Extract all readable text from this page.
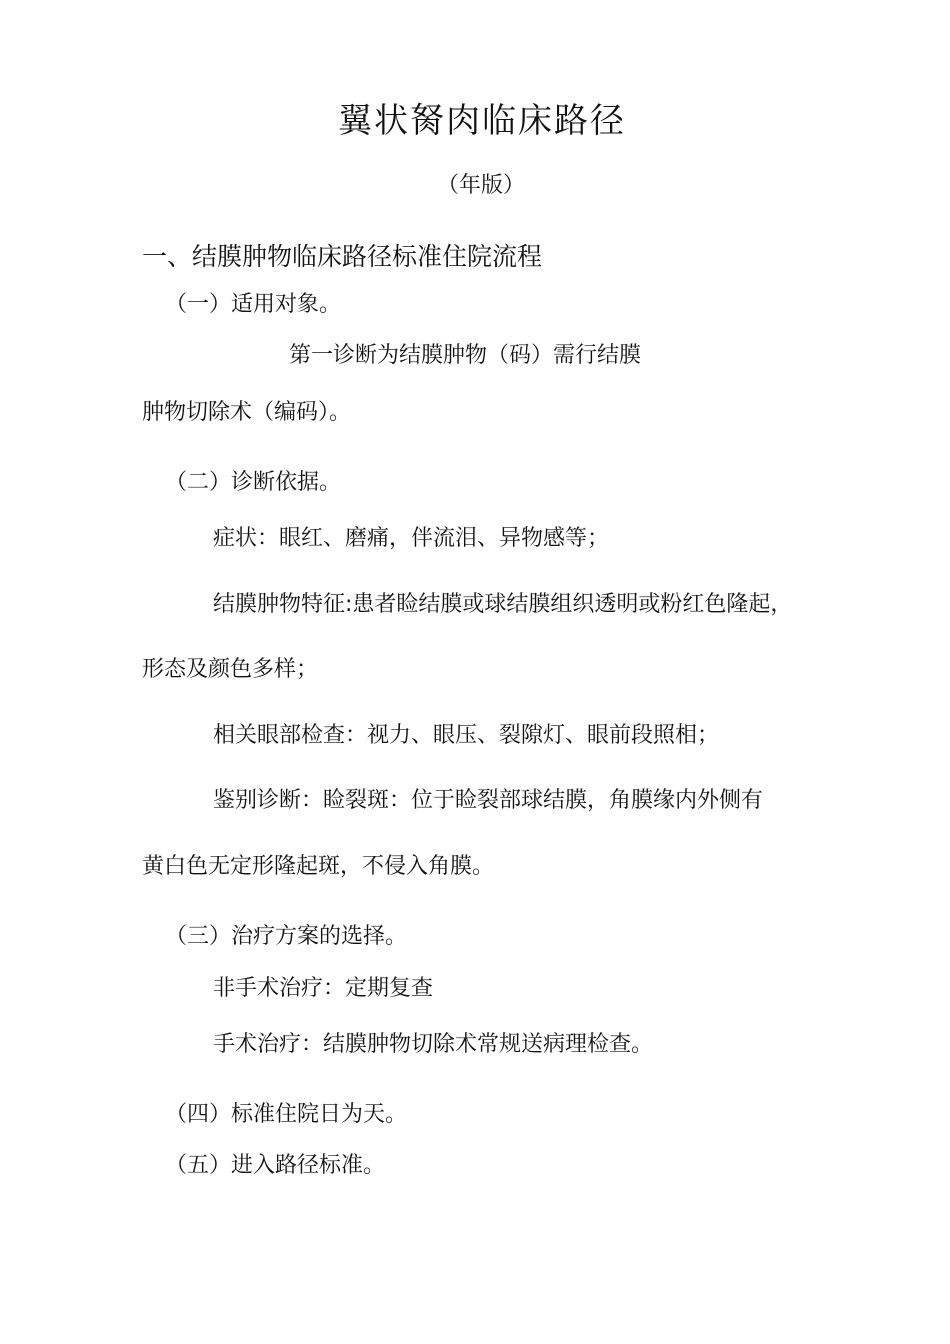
翼状胬肉临床路径
（年版）
一、结膜肿物临床路径标准住院流程
（一）适用对象。
第一诊断为结膜肿物（码）需行结膜
肿物切除术（编码）。
（二）诊断依据。
症状：眼红、磨痛，伴流泪、异物感等；
结膜肿物特征:患者睑结膜或球结膜组织透明或粉红色隆起，
形态及颜色多样；
相关眼部检查：视力、眼压、裂隙灯、眼前段照相；
鉴别诊断：睑裂斑：位于睑裂部球结膜，角膜缘内外侧有
黄白色无定形隆起斑，不侵入角膜。
（三）治疗方案的选择。
非手术治疗：定期复查
手术治疗：结膜肿物切除术常规送病理检查。
（四）标准住院日为天。
（五）进入路径标准。
